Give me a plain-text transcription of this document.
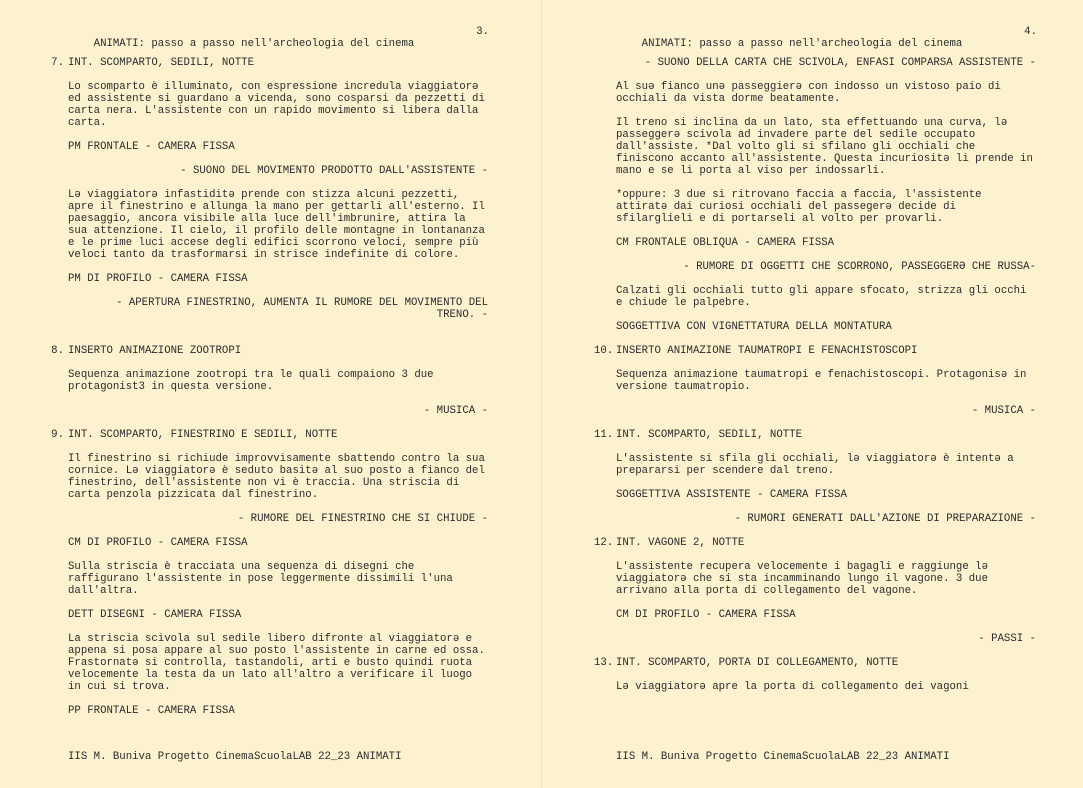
ANIMATI: passo a passo nell'archeologia del cinema

3.

7. INT. SCOMPARTO, SEDILI, NOTTE
Lo scomparto è illuminato, con espressione incredula viaggiatorə ed assistente si guardano a vicenda, sono cosparsi da pezzetti di carta nera. L'assistente con un rapido movimento si libera dalla carta.
PM FRONTALE - CAMERA FISSA
- SUONO DEL MOVIMENTO PRODOTTO DALL'ASSISTENTE -
Lə viaggiatorə infastiditə prende con stizza alcuni pezzetti, apre il finestrino e allunga la mano per gettarli all'esterno. Il paesaggio, ancora visibile alla luce dell'imbrunire, attira la sua attenzione. Il cielo, il profilo delle montagne in lontananza e le prime luci accese degli edifici scorrono veloci, sempre più veloci tanto da trasformarsi in strisce indefinite di colore.
PM DI PROFILO - CAMERA FISSA
- APERTURA FINESTRINO, AUMENTA IL RUMORE DEL MOVIMENTO DEL
TRENO. -
8. INSERTO ANIMAZIONE ZOOTROPI
Sequenza animazione zootropi tra le quali compaiono 3 due protagonist3 in questa versione.
- MUSICA -
9. INT. SCOMPARTO, FINESTRINO E SEDILI, NOTTE
Il finestrino si richiude improvvisamente sbattendo contro la sua cornice. Lə viaggiatorə è seduto basitə al suo posto a fianco del finestrino, dell'assistente non vi è traccia. Una striscia di carta penzola pizzicata dal finestrino.
- RUMORE DEL FINESTRINO CHE SI CHIUDE -
CM DI PROFILO - CAMERA FISSA
Sulla striscia è tracciata una sequenza di disegni che raffigurano l'assistente in pose leggermente dissimili l'una dall'altra.
DETT DISEGNI - CAMERA FISSA
La striscia scivola sul sedile libero difronte al viaggiatorə e appena si posa appare al suo posto l'assistente in carne ed ossa. Frastornatə si controlla, tastandoli, arti e busto quindi ruota velocemente la testa da un lato all'altro a verificare il luogo in cui si trova.
PP FRONTALE - CAMERA FISSA
IIS M. Buniva Progetto CinemaScuolaLAB 22_23 ANIMATI

ANIMATI: passo a passo nell'archeologia del cinema

4.

- SUONO DELLA CARTA CHE SCIVOLA, ENFASI COMPARSA ASSISTENTE -
Al suə fianco unə passeggierə con indosso un vistoso paio di occhiali da vista dorme beatamente.
Il treno si inclina da un lato, sta effettuando una curva, lə passeggerə scivola ad invadere parte del sedile occupato dall'assiste. *Dal volto gli si sfilano gli occhiali che finiscono accanto all'assistente. Questa incuriositə li prende in mano e se li porta al viso per indossarli.
*oppure: 3 due si ritrovano faccia a faccia, l'assistente attiratə dai curiosi occhiali del passegerə decide di sfilarglieli e di portarseli al volto per provarli.
CM FRONTALE OBLIQUA - CAMERA FISSA
- RUMORE DI OGGETTI CHE SCORRONO, PASSEGGERƏ CHE RUSSA-
Calzati gli occhiali tutto gli appare sfocato, strizza gli occhi e chiude le palpebre.
SOGGETTIVA CON VIGNETTATURA DELLA MONTATURA
10. INSERTO ANIMAZIONE TAUMATROPI E FENACHISTOSCOPI
Sequenza animazione taumatropi e fenachistoscopi. Protagonisə in versione taumatropio.
- MUSICA -
11. INT. SCOMPARTO, SEDILI, NOTTE
L'assistente si sfila gli occhiali, lə viaggiatorə è intentə a prepararsi per scendere dal treno.
SOGGETTIVA ASSISTENTE - CAMERA FISSA
- RUMORI GENERATI DALL'AZIONE DI PREPARAZIONE -
12. INT. VAGONE 2, NOTTE
L'assistente recupera velocemente i bagagli e raggiunge lə viaggiatorə che si sta incamminando lungo il vagone. 3 due arrivano alla porta di collegamento del vagone.
CM DI PROFILO - CAMERA FISSA
- PASSI -
13. INT. SCOMPARTO, PORTA DI COLLEGAMENTO, NOTTE
Lə viaggiatorə apre la porta di collegamento dei vagoni
IIS M. Buniva Progetto CinemaScuolaLAB 22_23 ANIMATI
